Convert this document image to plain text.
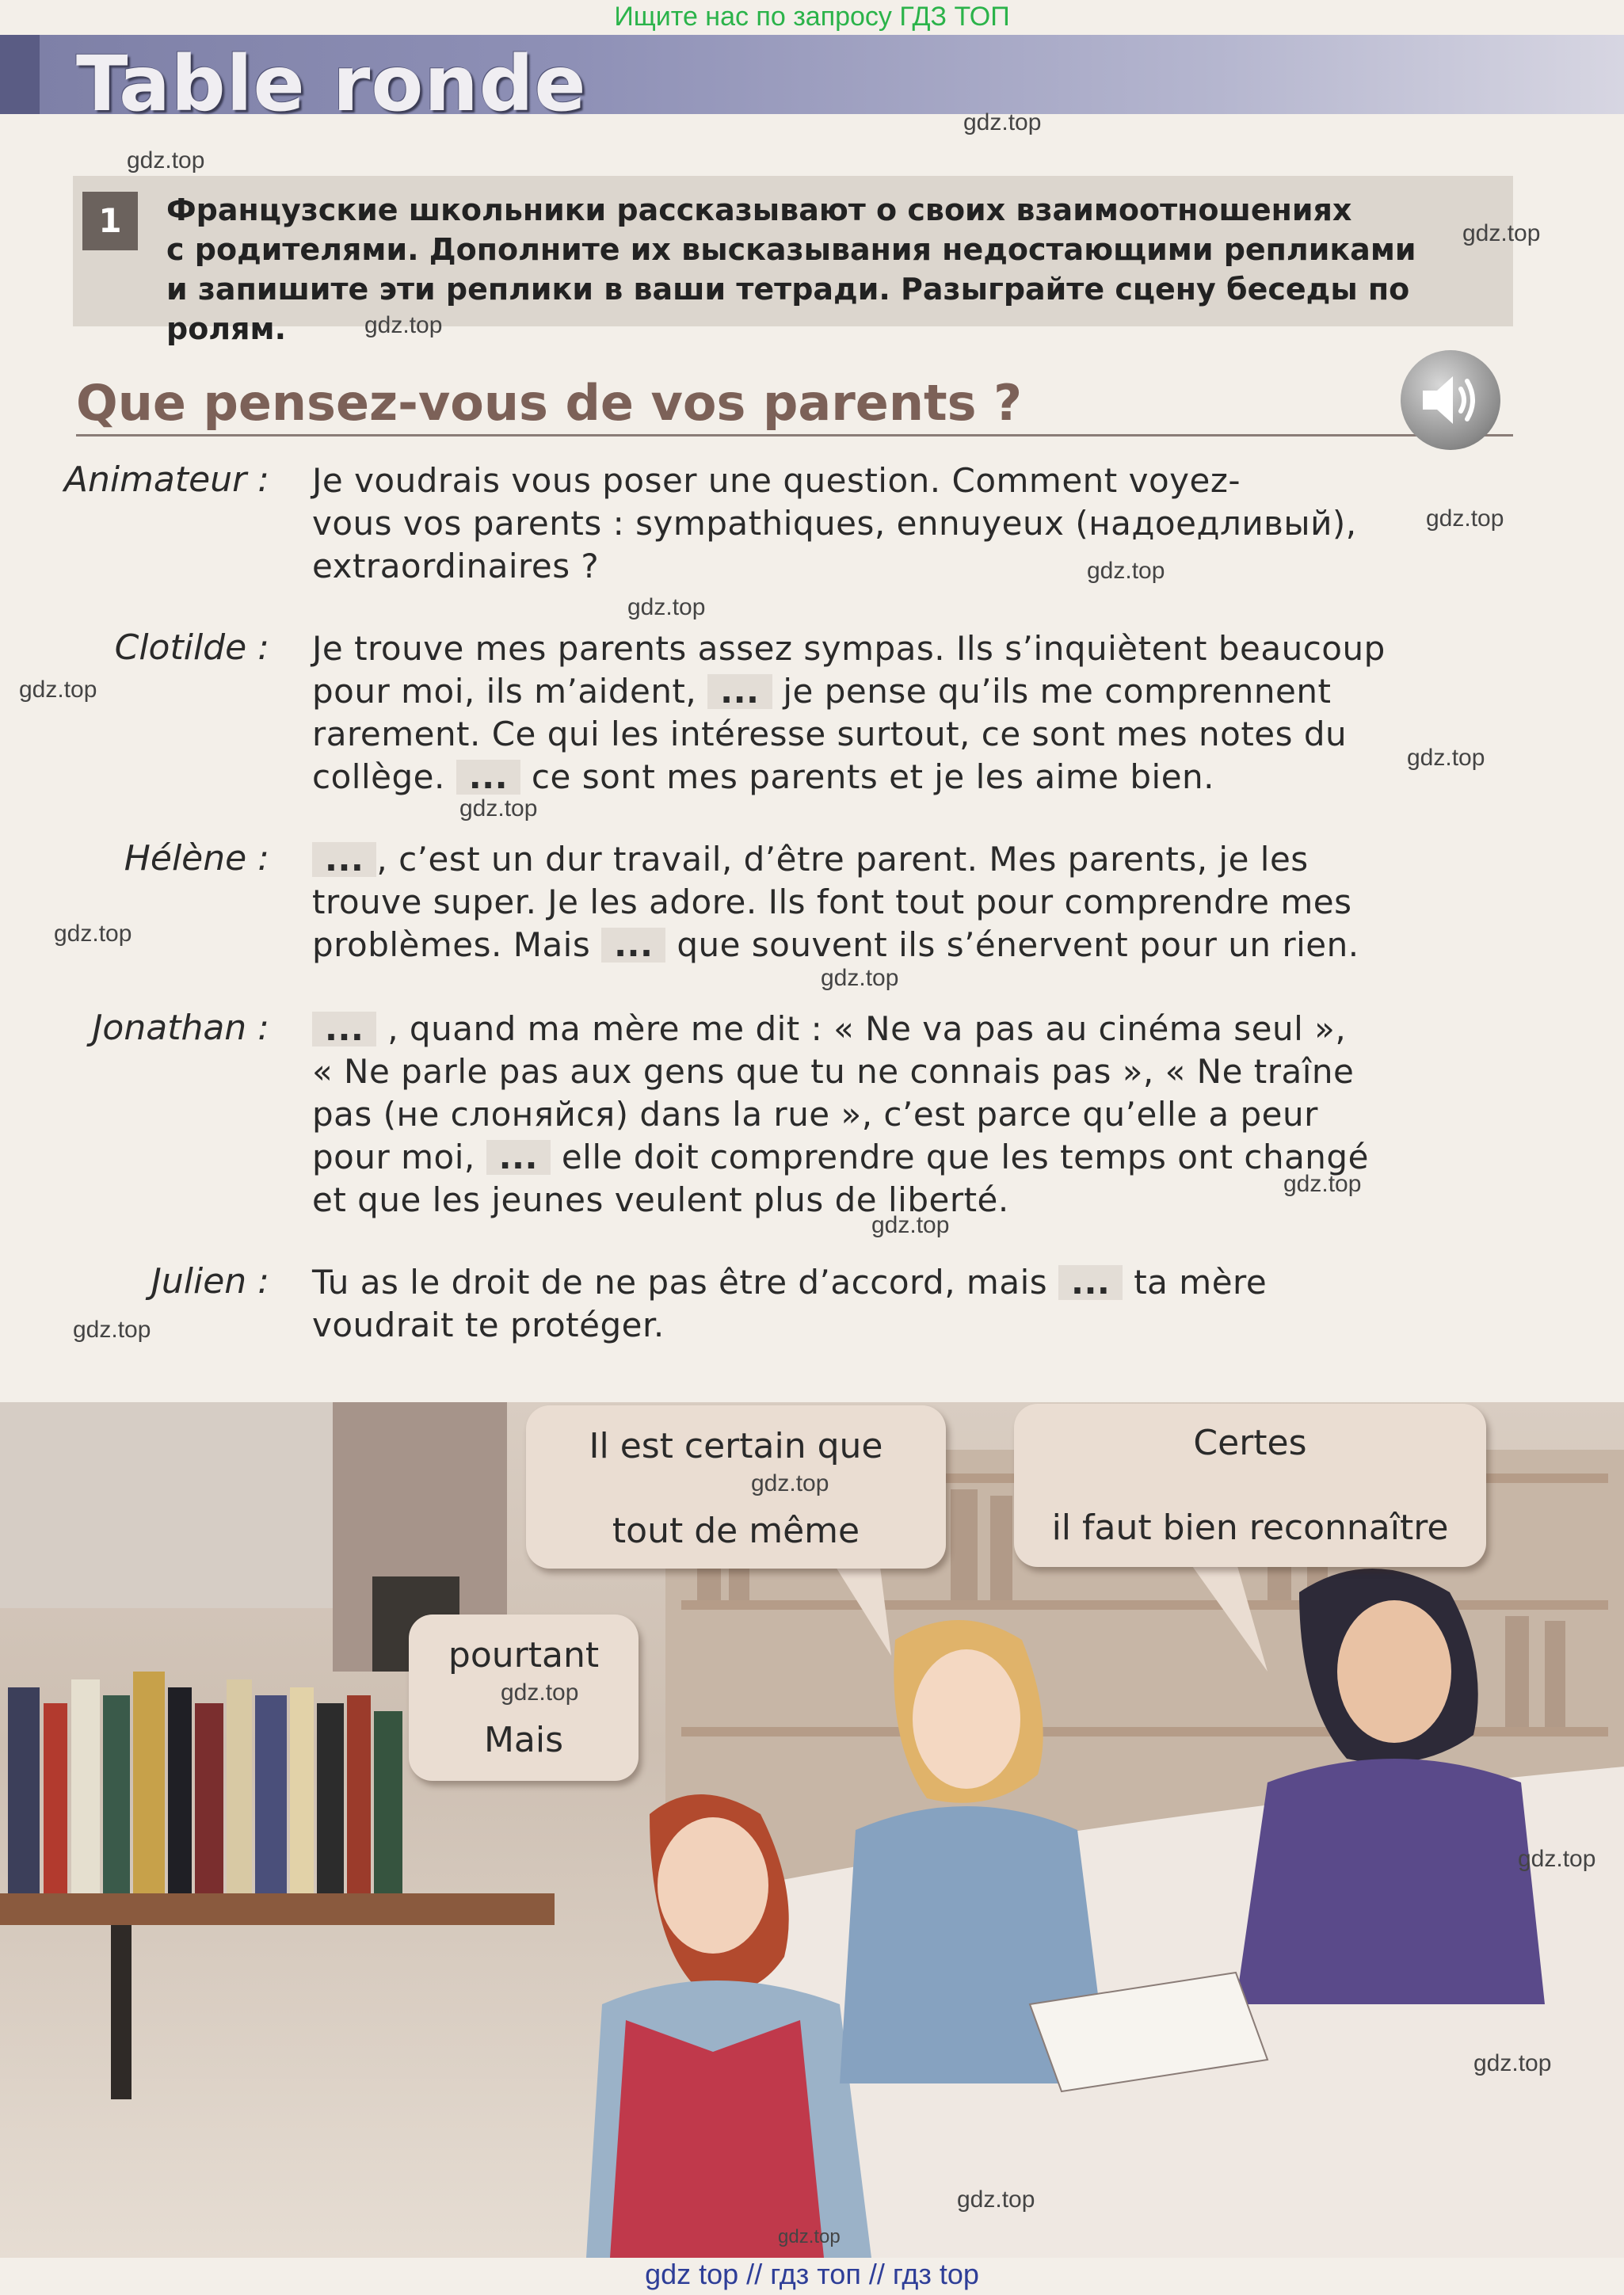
Ищите нас по запросу ГДЗ ТОП
Table ronde
1	Французские школьники рассказывают о своих взаимоотношениях
с родителями. Дополните их высказывания недостающими репликами
и запишите эти реплики в ваши тетради. Разыграйте сцену беседы по ролям.
Que pensez-vous de vos parents ?
Animateur : Je voudrais vous poser une question. Comment voyez-
vous vos parents : sympathiques, ennuyeux (надоедливый),
extraordinaires ?
Clotilde : Je trouve mes parents assez sympas. Ils s’inquiètent beaucoup
pour moi, ils m’aident, ... je pense qu’ils me comprennent
rarement. Ce qui les intéresse surtout, ce sont mes notes du
collège. ... ce sont mes parents et je les aime bien.
Hélène :	... , c’est un dur travail, d’être parent. Mes parents, je les
trouve super. Je les adore. Ils font tout pour comprendre mes
problèmes. Mais ... que souvent ils s’énervent pour un rien.
Jonathan :	... , quand ma mère me dit : « Ne va pas au cinéma seul »,
« Ne parle pas aux gens que tu ne connais pas », « Ne traîne
pas (не слоняйся) dans la rue », c’est parce qu’elle a peur
pour moi, ... elle doit comprendre que les temps ont changé
et que les jeunes veulent plus de liberté.
Julien : Tu as le droit de ne pas être d’accord, mais ... ta mère
voudrait te protéger.
pourtant
Mais
Il est certain que
tout de même
Certes
il faut bien reconnaître
gdz.top
gdz.top
gdz.top
gdz.top
gdz.top
gdz.top
gdz.top
gdz.top
gdz.top
gdz.top
gdz.top
gdz.top
gdz.top
gdz.top
gdz.top
gdz.top
gdz.top
gdz.top
gdz.top
gdz.top
gdz.top
gdz top // гдз топ // гдз top
